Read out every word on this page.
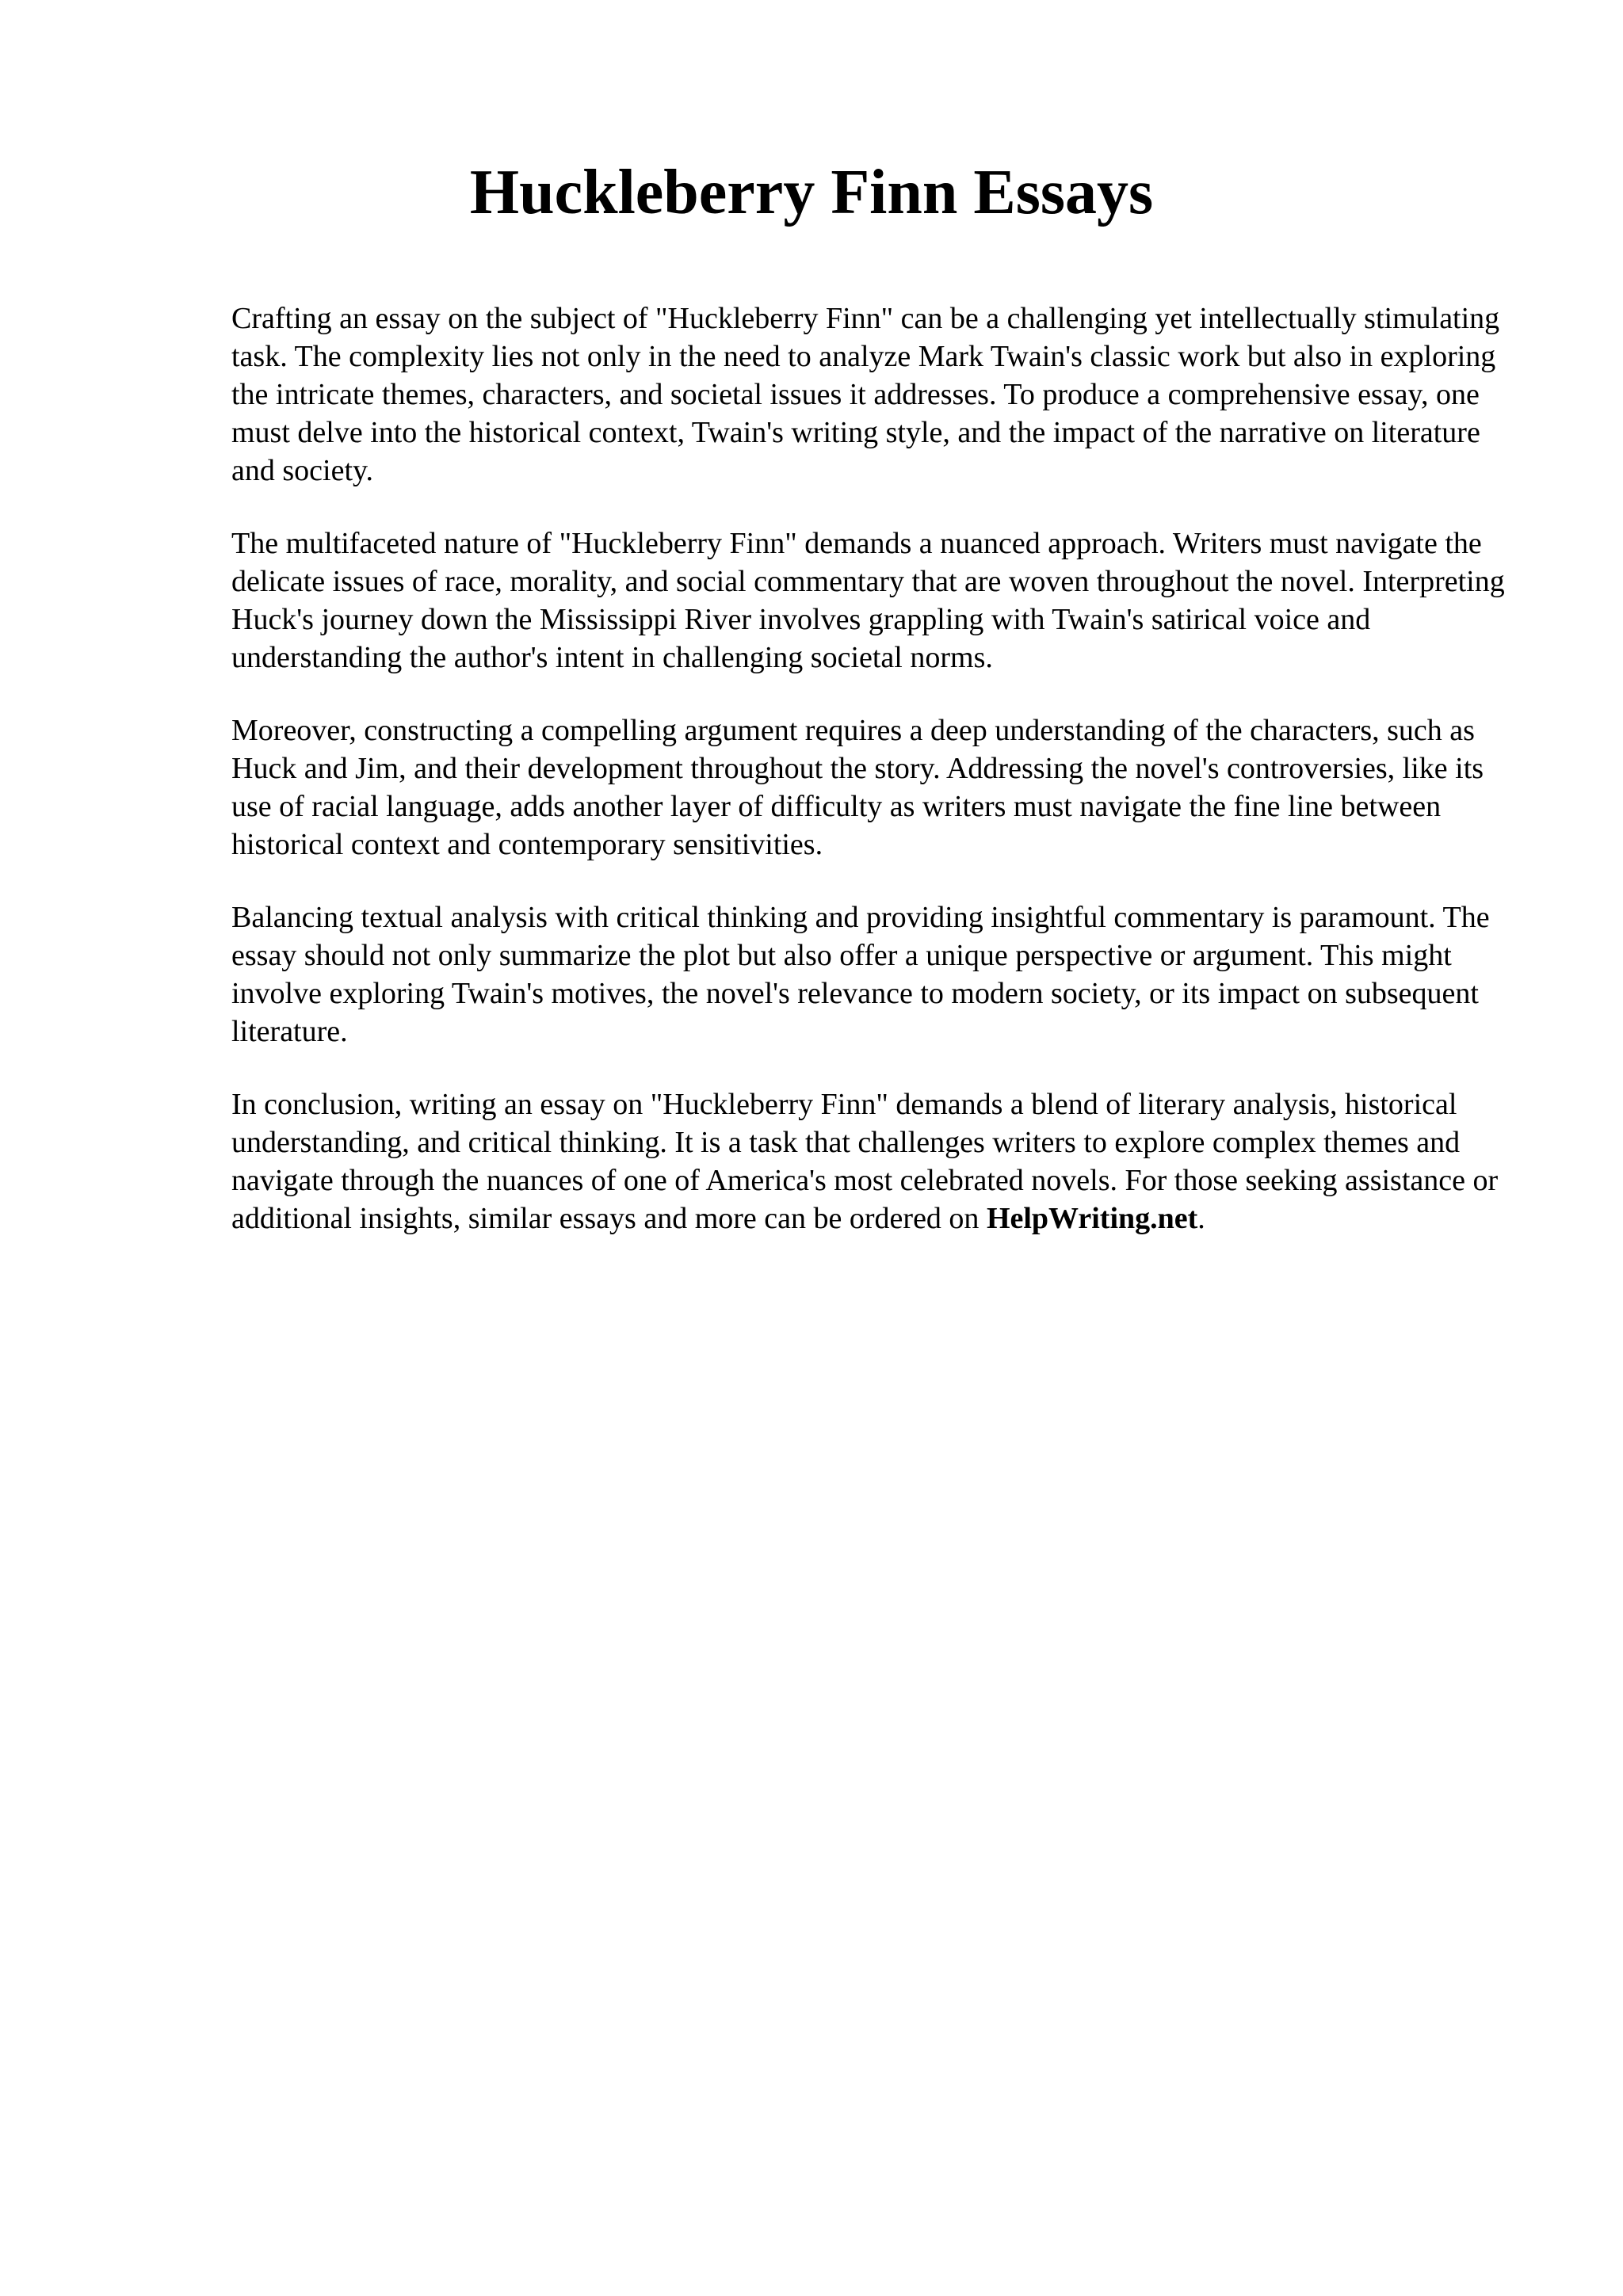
Huckleberry Finn Essays

Crafting an essay on the subject of "Huckleberry Finn" can be a challenging yet intellectually stimulating task. The complexity lies not only in the need to analyze Mark Twain's classic work but also in exploring the intricate themes, characters, and societal issues it addresses. To produce a comprehensive essay, one must delve into the historical context, Twain's writing style, and the impact of the narrative on literature and society.

The multifaceted nature of "Huckleberry Finn" demands a nuanced approach. Writers must navigate the delicate issues of race, morality, and social commentary that are woven throughout the novel. Interpreting Huck's journey down the Mississippi River involves grappling with Twain's satirical voice and understanding the author's intent in challenging societal norms.

Moreover, constructing a compelling argument requires a deep understanding of the characters, such as Huck and Jim, and their development throughout the story. Addressing the novel's controversies, like its use of racial language, adds another layer of difficulty as writers must navigate the fine line between historical context and contemporary sensitivities.

Balancing textual analysis with critical thinking and providing insightful commentary is paramount. The essay should not only summarize the plot but also offer a unique perspective or argument. This might involve exploring Twain's motives, the novel's relevance to modern society, or its impact on subsequent literature.

In conclusion, writing an essay on "Huckleberry Finn" demands a blend of literary analysis, historical understanding, and critical thinking. It is a task that challenges writers to explore complex themes and navigate through the nuances of one of America's most celebrated novels. For those seeking assistance or additional insights, similar essays and more can be ordered on HelpWriting.net.
